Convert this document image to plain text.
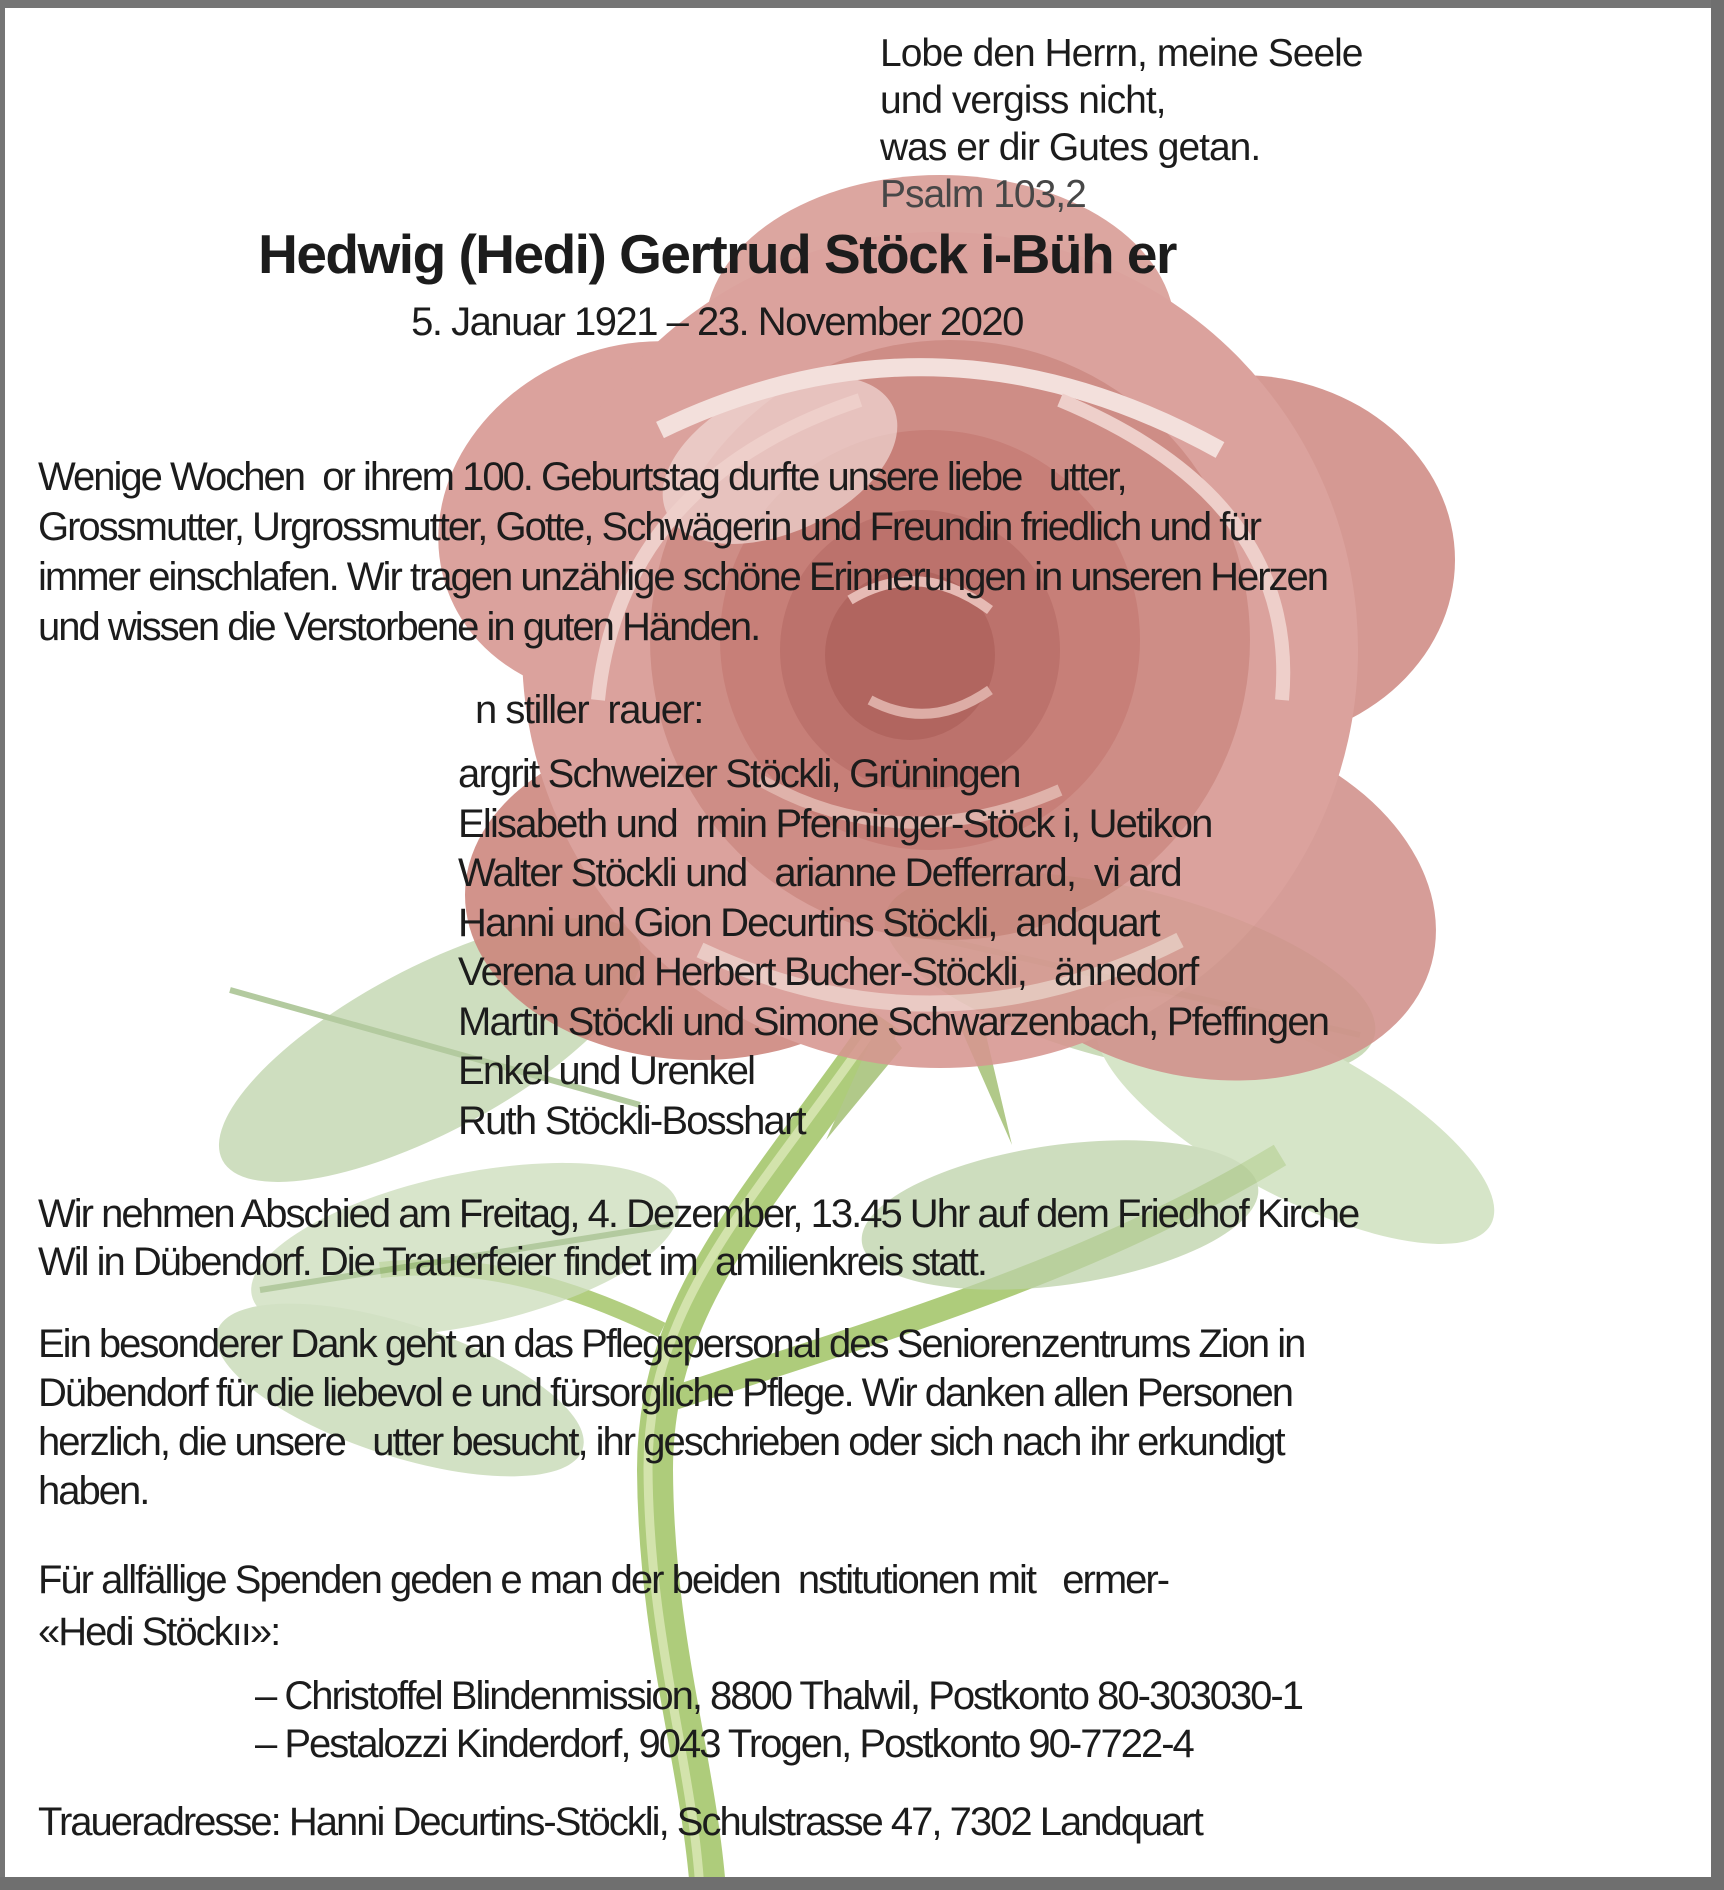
Lobe den Herrn, meine Seele
und vergiss nicht,
was er dir Gutes getan.
Psalm 103,2
Hedwig (Hedi) Gertrud Stöck i-Büh er
5. Januar 1921 – 23. November 2020
Wenige Wochen  or ihrem 100. Geburtstag durfte unsere liebe   utter,
Grossmutter, Urgrossmutter, Gotte, Schwägerin und Freundin friedlich und für
immer einschlafen. Wir tragen unzählige schöne Erinnerungen in unseren Herzen
und wissen die Verstorbene in guten Händen.
n stiller  rauer:
argrit Schweizer Stöckli, Grüningen
Elisabeth und  rmin Pfenninger-Stöck i, Uetikon
Walter Stöckli und   arianne Defferrard,  vi ard
Hanni und Gion Decurtins Stöckli,  andquart
Verena und Herbert Bucher-Stöckli,   ännedorf
Martin Stöckli und Simone Schwarzenbach, Pfeffingen
Enkel und Urenkel
Ruth Stöckli-Bosshart
Wir nehmen Abschied am Freitag, 4. Dezember, 13.45 Uhr auf dem Friedhof Kirche
Wil in Dübendorf. Die Trauerfeier findet im  amilienkreis statt.
Ein besonderer Dank geht an das Pflegepersonal des Seniorenzentrums Zion in
Dübendorf für die liebevol e und fürsorgliche Pflege. Wir danken allen Personen
herzlich, die unsere   utter besucht, ihr geschrieben oder sich nach ihr erkundigt
haben.
Für allfällige Spenden geden e man der beiden  nstitutionen mit   ermer-
«Hedi Stöckıı»:
– Christoffel Blindenmission, 8800 Thalwil, Postkonto 80-303030-1
– Pestalozzi Kinderdorf, 9043 Trogen, Postkonto 90-7722-4
Traueradresse: Hanni Decurtins-Stöckli, Schulstrasse 47, 7302 Landquart
